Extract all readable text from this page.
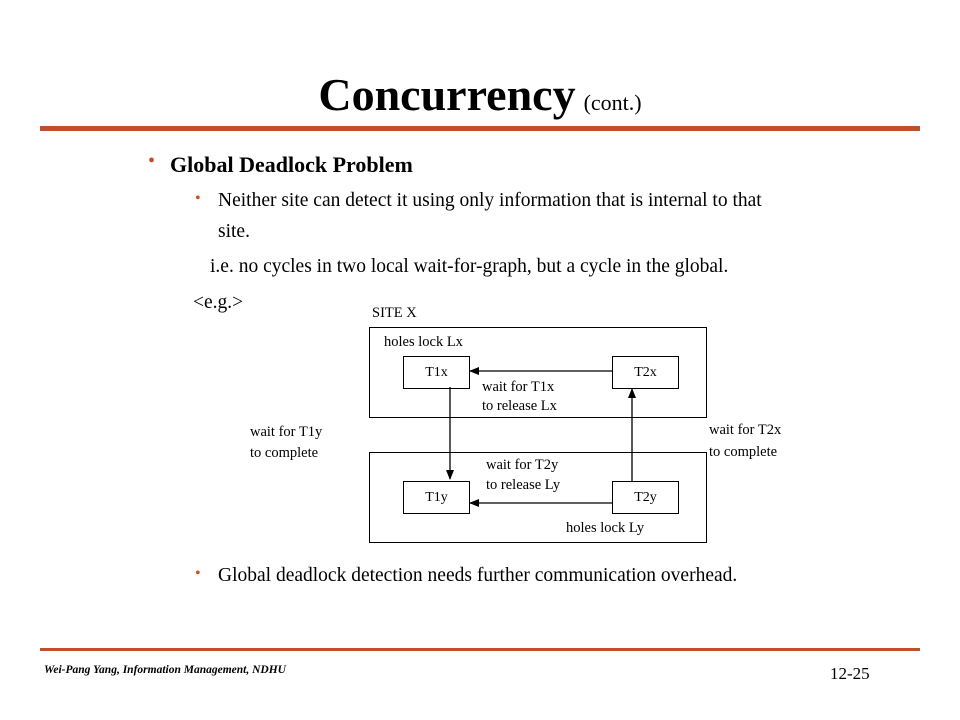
Concurrency (cont.)
• Global Deadlock Problem
• Neither site can detect it using only information that is internal to that
site.
i.e. no cycles in two local wait-for-graph, but a cycle in the global.
<e.g.>	SITE X
holes lock Lx
holes lock Ly
T1x	T2x
T1y	T2y
wait for T1x
to release Lx
wait for T2y
to release Ly
wait for T1y
to complete
wait for T2x
to complete
• Global deadlock detection needs further communication overhead.
Wei-Pang Yang, Information Management, NDHU	12-25
